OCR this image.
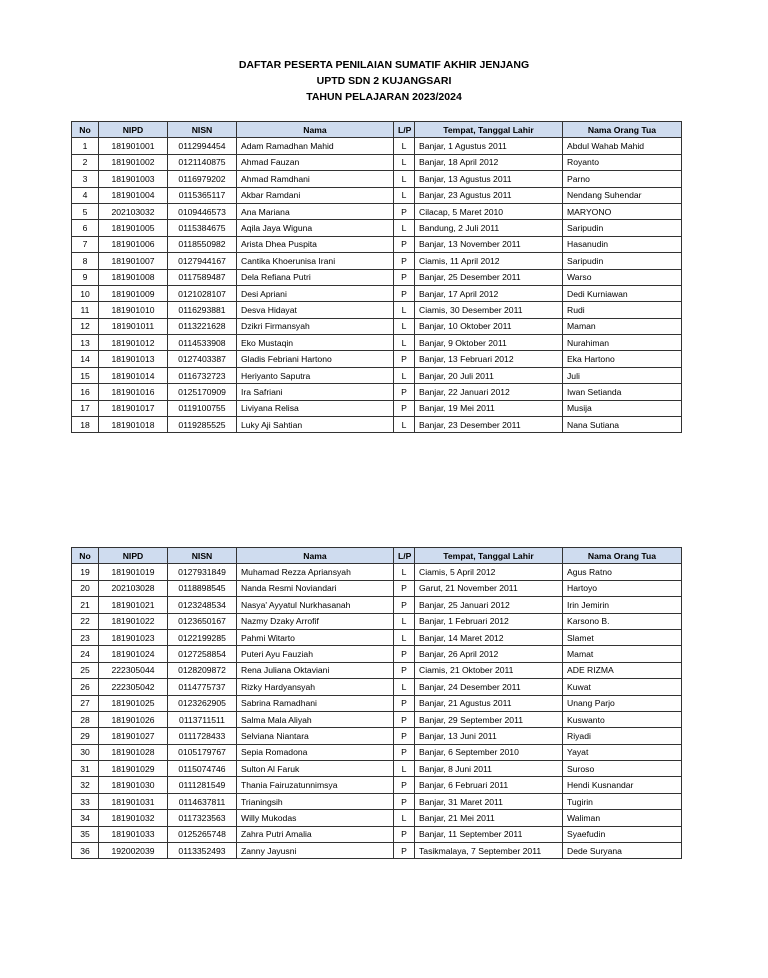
DAFTAR PESERTA PENILAIAN SUMATIF AKHIR JENJANG
UPTD SDN 2 KUJANGSARI
TAHUN PELAJARAN 2023/2024
No	NIPD	NISN	Nama	L/P	Tempat, Tanggal Lahir	Nama Orang Tua
1	181901001	0112994454	Adam Ramadhan Mahid	L	Banjar, 1 Agustus 2011	Abdul Wahab Mahid
2	181901002	0121140875	Ahmad Fauzan	L	Banjar, 18 April 2012	Royanto
3	181901003	0116979202	Ahmad Ramdhani	L	Banjar, 13 Agustus 2011	Parno
4	181901004	0115365117	Akbar Ramdani	L	Banjar, 23 Agustus 2011	Nendang Suhendar
5	202103032	0109446573	Ana Mariana	P	Cilacap, 5 Maret 2010	MARYONO
6	181901005	0115384675	Aqila Jaya Wiguna	L	Bandung, 2 Juli 2011	Saripudin
7	181901006	0118550982	Arista Dhea Puspita	P	Banjar, 13 November 2011	Hasanudin
8	181901007	0127944167	Cantika Khoerunisa Irani	P	Ciamis, 11 April 2012	Saripudin
9	181901008	0117589487	Dela Refiana Putri	P	Banjar, 25 Desember 2011	Warso
10	181901009	0121028107	Desi Apriani	P	Banjar, 17 April 2012	Dedi Kurniawan
11	181901010	0116293881	Desva Hidayat	L	Ciamis, 30 Desember 2011	Rudi
12	181901011	0113221628	Dzikri Firmansyah	L	Banjar, 10 Oktober 2011	Maman
13	181901012	0114533908	Eko Mustaqin	L	Banjar, 9 Oktober 2011	Nurahiman
14	181901013	0127403387	Gladis Febriani Hartono	P	Banjar, 13 Februari 2012	Eka Hartono
15	181901014	0116732723	Heriyanto Saputra	L	Banjar, 20 Juli 2011	Juli
16	181901016	0125170909	Ira Safriani	P	Banjar, 22 Januari 2012	Iwan Setianda
17	181901017	0119100755	Liviyana Relisa	P	Banjar, 19 Mei 2011	Musija
18	181901018	0119285525	Luky Aji Sahtian	L	Banjar, 23 Desember 2011	Nana Sutiana
No	NIPD	NISN	Nama	L/P	Tempat, Tanggal Lahir	Nama Orang Tua
19	181901019	0127931849	Muhamad Rezza Apriansyah	L	Ciamis, 5 April 2012	Agus Ratno
20	202103028	0118898545	Nanda Resmi Noviandari	P	Garut, 21 November 2011	Hartoyo
21	181901021	0123248534	Nasya' Ayyatul Nurkhasanah	P	Banjar, 25 Januari 2012	Irin Jemirin
22	181901022	0123650167	Nazmy Dzaky Arrofif	L	Banjar, 1 Februari 2012	Karsono B.
23	181901023	0122199285	Pahmi Witarto	L	Banjar, 14 Maret 2012	Slamet
24	181901024	0127258854	Puteri Ayu Fauziah	P	Banjar, 26 April 2012	Mamat
25	222305044	0128209872	Rena Juliana Oktaviani	P	Ciamis, 21 Oktober 2011	ADE RIZMA
26	222305042	0114775737	Rizky Hardyansyah	L	Banjar, 24 Desember 2011	Kuwat
27	181901025	0123262905	Sabrina Ramadhani	P	Banjar, 21 Agustus 2011	Unang Parjo
28	181901026	0113711511	Salma Mala Aliyah	P	Banjar, 29 September 2011	Kuswanto
29	181901027	0111728433	Selviana Niantara	P	Banjar, 13 Juni 2011	Riyadi
30	181901028	0105179767	Sepia Romadona	P	Banjar, 6 September 2010	Yayat
31	181901029	0115074746	Sulton Al Faruk	L	Banjar, 8 Juni 2011	Suroso
32	181901030	0111281549	Thania Fairuzatunnimsya	P	Banjar, 6 Februari 2011	Hendi Kusnandar
33	181901031	0114637811	Trianingsih	P	Banjar, 31 Maret 2011	Tugirin
34	181901032	0117323563	Willy Mukodas	L	Banjar, 21 Mei 2011	Waliman
35	181901033	0125265748	Zahra Putri Amalia	P	Banjar, 11 September 2011	Syaefudin
36	192002039	0113352493	Zanny Jayusni	P	Tasikmalaya, 7 September 2011	Dede Suryana
